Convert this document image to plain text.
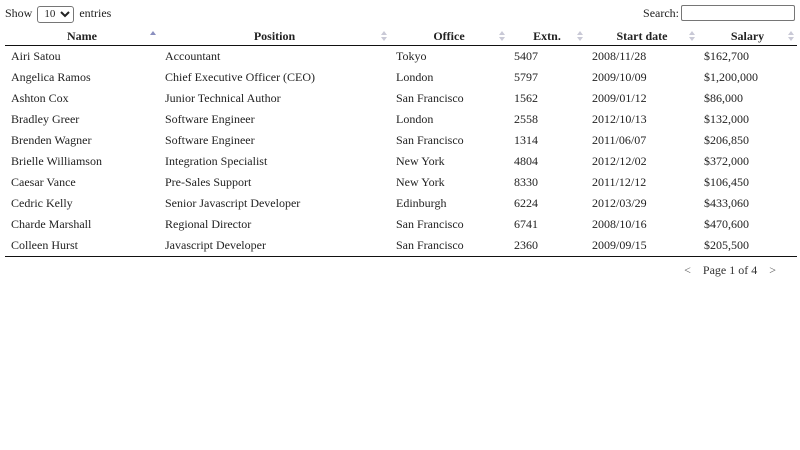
Show
10	entries	Search:
Name	Position	Office	Extn.	Start date	Salary

Airi Satou	Accountant	Tokyo	5407	2008/11/28	$162,700
Angelica Ramos	Chief Executive Officer (CEO)	London	5797	2009/10/09	$1,200,000
Ashton Cox	Junior Technical Author	San Francisco	1562	2009/01/12	$86,000
Bradley Greer	Software Engineer	London	2558	2012/10/13	$132,000
Brenden Wagner	Software Engineer	San Francisco	1314	2011/06/07	$206,850
Brielle Williamson	Integration Specialist	New York	4804	2012/12/02	$372,000
Caesar Vance	Pre-Sales Support	New York	8330	2011/12/12	$106,450
Cedric Kelly	Senior Javascript Developer	Edinburgh	6224	2012/03/29	$433,060
Charde Marshall	Regional Director	San Francisco	6741	2008/10/16	$470,600
Colleen Hurst	Javascript Developer	San Francisco	2360	2009/09/15	$205,500
< Page 1 of 4 >
